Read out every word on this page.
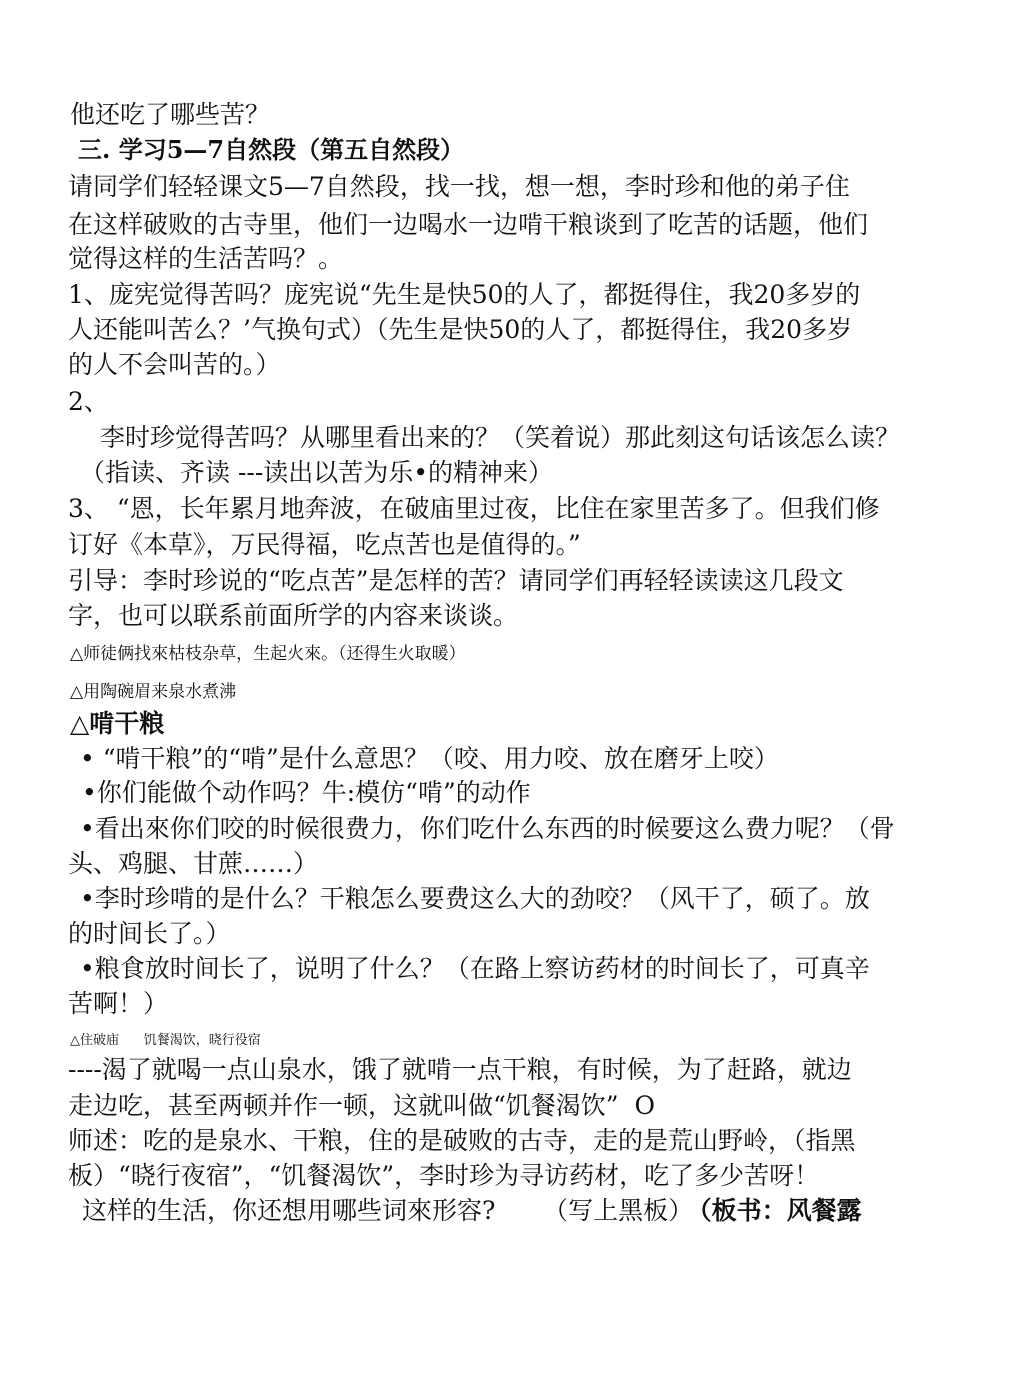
他还吃了哪些苦？
三. 学习5—7自然段（第五自然段）
请同学们轻轻课文5—7自然段，找一找，想一想，李时珍和他的弟子住
在这样破败的古寺里，他们一边喝水一边啃干粮谈到了吃苦的话题，他们
觉得这样的生活苦吗？。
1、庞宪觉得苦吗？庞宪说“先生是快50的人了，都挺得住，我20多岁的
人还能叫苦么？’气换句式）（先生是快50的人了，都挺得住，我20多岁
的人不会叫苦的。）
2、
李时珍觉得苦吗？从哪里看出来的？（笑着说）那此刻这句话该怎么读？
（指读、齐读 ---读出以苦为乐•的精神来）
3、 “恩，长年累月地奔波，在破庙里过夜，比住在家里苦多了。但我们修
订好《本草》，万民得福，吃点苦也是值得的。”
引导：李时珍说的“吃点苦”是怎样的苦？请同学们再轻轻读读这几段文
字，也可以联系前面所学的内容来谈谈。
△师徒俩找來枯枝杂草，生起火來。（还得生火取暖）
△用陶碗眉来泉水煮沸
△啃干粮
• “啃干粮”的“啃”是什么意思？（咬、用力咬、放在磨牙上咬）
•你们能做个动作吗？牛:模仿“啃”的动作
•看出來你们咬的时候很费力，你们吃什么东西的时候要这么费力呢？（骨
头、鸡腿、甘蔗……）
•李时珍啃的是什么？干粮怎么要费这么大的劲咬？（风干了，硕了。放
的时间长了。）
•粮食放时间长了，说明了什么？（在路上察访药材的时间长了，可真辛
苦啊！）
△住破庙      饥餐渴饮，晓行役宿
----渴了就喝一点山泉水，饿了就啃一点干粮，有时候，为了赶路，就边
走边吃，甚至两顿并作一顿，这就叫做“饥餐渴饮”  O
师述：吃的是泉水、干粮，住的是破败的古寺，走的是荒山野岭，（指黑
板）“晓行夜宿”，“饥餐渴饮”，李时珍为寻访药材，吃了多少苦呀！
这样的生活，你还想用哪些词來形容?      （写上黑板） （板书：风餐露
